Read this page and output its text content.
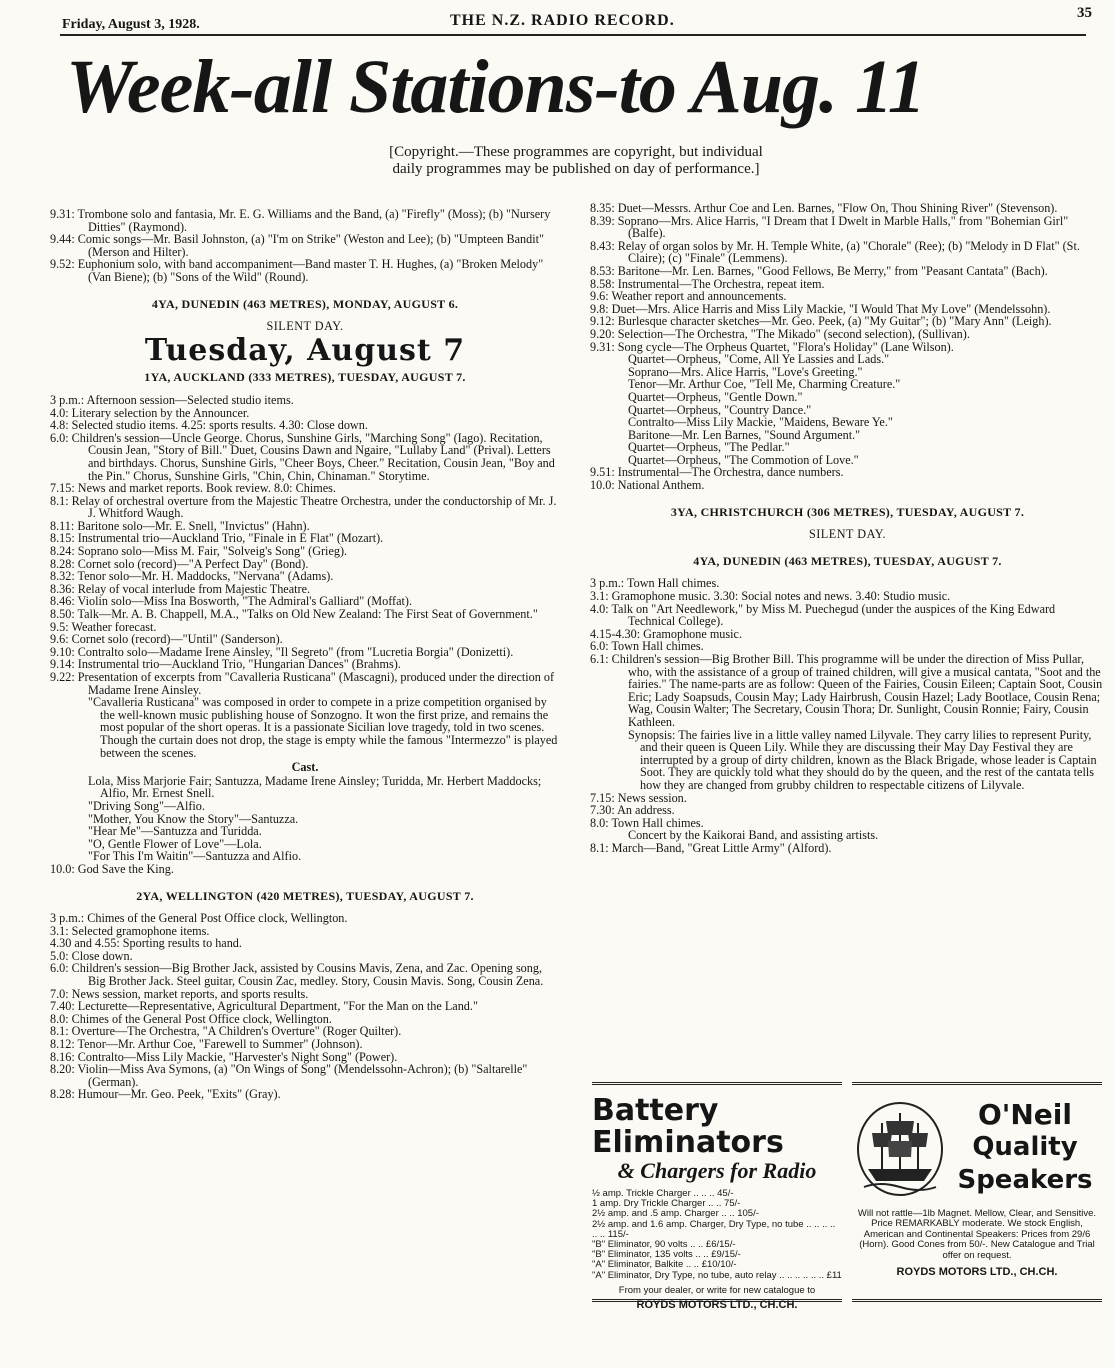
Friday, August 3, 1928.	THE N.Z. RADIO RECORD.	35
Week-all Stations-to Aug. 11
[Copyright.—These programmes are copyright, but individual
daily programmes may be published on day of performance.]

9.31: Trombone solo and fantasia, Mr. E. G. Williams and the Band, (a) "Firefly" (Moss); (b) "Nursery Ditties" (Raymond).

9.44: Comic songs—Mr. Basil Johnston, (a) "I'm on Strike" (Weston and Lee); (b) "Umpteen Bandit" (Merson and Hilter).

9.52: Euphonium solo, with band accompaniment—Band master T. H. Hughes, (a) "Broken Melody" (Van Biene); (b) "Sons of the Wild" (Round).

4YA, DUNEDIN (463 METRES), MONDAY, AUGUST 6.
SILENT DAY.
Tuesday, August 7
1YA, AUCKLAND (333 METRES), TUESDAY, AUGUST 7.

3 p.m.: Afternoon session—Selected studio items.

4.0: Literary selection by the Announcer.

4.8: Selected studio items. 4.25: sports results. 4.30: Close down.

6.0: Children's session—Uncle George. Chorus, Sunshine Girls, "Marching Song" (Iago). Recitation, Cousin Jean, "Story of Bill." Duet, Cousins Dawn and Ngaire, "Lullaby Land" (Prival). Letters and birthdays. Chorus, Sunshine Girls, "Cheer Boys, Cheer." Recitation, Cousin Jean, "Boy and the Pin." Chorus, Sunshine Girls, "Chin, Chin, Chinaman." Storytime.

7.15: News and market reports. Book review. 8.0: Chimes.

8.1: Relay of orchestral overture from the Majestic Theatre Orchestra, under the conductorship of Mr. J. J. Whitford Waugh.

8.11: Baritone solo—Mr. E. Snell, "Invictus" (Hahn).

8.15: Instrumental trio—Auckland Trio, "Finale in E Flat" (Mozart).

8.24: Soprano solo—Miss M. Fair, "Solveig's Song" (Grieg).

8.28: Cornet solo (record)—"A Perfect Day" (Bond).

8.32: Tenor solo—Mr. H. Maddocks, "Nervana" (Adams).

8.36: Relay of vocal interlude from Majestic Theatre.

8.46: Violin solo—Miss Ina Bosworth, "The Admiral's Galliard" (Moffat).

8.50: Talk—Mr. A. B. Chappell, M.A., "Talks on Old New Zealand: The First Seat of Government."

9.5: Weather forecast.

9.6: Cornet solo (record)—"Until" (Sanderson).

9.10: Contralto solo—Madame Irene Ainsley, "Il Segreto" (from "Lucretia Borgia" (Donizetti).

9.14: Instrumental trio—Auckland Trio, "Hungarian Dances" (Brahms).

9.22: Presentation of excerpts from "Cavalleria Rusticana" (Mascagni), produced under the direction of Madame Irene Ainsley.

"Cavalleria Rusticana" was composed in order to compete in a prize competition organised by the well-known music publishing house of Sonzogno. It won the first prize, and remains the most popular of the short operas. It is a passionate Sicilian love tragedy, told in two scenes. Though the curtain does not drop, the stage is empty while the famous "Intermezzo" is played between the scenes.

Cast.

Lola, Miss Marjorie Fair; Santuzza, Madame Irene Ainsley; Turidda, Mr. Herbert Maddocks; Alfio, Mr. Ernest Snell.

"Driving Song"—Alfio.

"Mother, You Know the Story"—Santuzza.

"Hear Me"—Santuzza and Turidda.

"O, Gentle Flower of Love"—Lola.

"For This I'm Waitin"—Santuzza and Alfio.

10.0: God Save the King.

2YA, WELLINGTON (420 METRES), TUESDAY, AUGUST 7.

3 p.m.: Chimes of the General Post Office clock, Wellington.

3.1: Selected gramophone items.

4.30 and 4.55: Sporting results to hand.

5.0: Close down.

6.0: Children's session—Big Brother Jack, assisted by Cousins Mavis, Zena, and Zac. Opening song, Big Brother Jack. Steel guitar, Cousin Zac, medley. Story, Cousin Mavis. Song, Cousin Zena.

7.0: News session, market reports, and sports results.

7.40: Lecturette—Representative, Agricultural Department, "For the Man on the Land."

8.0: Chimes of the General Post Office clock, Wellington.

8.1: Overture—The Orchestra, "A Children's Overture" (Roger Quilter).

8.12: Tenor—Mr. Arthur Coe, "Farewell to Summer" (Johnson).

8.16: Contralto—Miss Lily Mackie, "Harvester's Night Song" (Power).

8.20: Violin—Miss Ava Symons, (a) "On Wings of Song" (Mendelssohn-Achron); (b) "Saltarelle" (German).

8.28: Humour—Mr. Geo. Peek, "Exits" (Gray).

8.35: Duet—Messrs. Arthur Coe and Len. Barnes, "Flow On, Thou Shining River" (Stevenson).

8.39: Soprano—Mrs. Alice Harris, "I Dream that I Dwelt in Marble Halls," from "Bohemian Girl" (Balfe).

8.43: Relay of organ solos by Mr. H. Temple White, (a) "Chorale" (Ree); (b) "Melody in D Flat" (St. Claire); (c) "Finale" (Lemmens).

8.53: Baritone—Mr. Len. Barnes, "Good Fellows, Be Merry," from "Peasant Cantata" (Bach).

8.58: Instrumental—The Orchestra, repeat item.

9.6: Weather report and announcements.

9.8: Duet—Mrs. Alice Harris and Miss Lily Mackie, "I Would That My Love" (Mendelssohn).

9.12: Burlesque character sketches—Mr. Geo. Peek, (a) "My Guitar"; (b) "Mary Ann" (Leigh).

9.20: Selection—The Orchestra, "The Mikado" (second selection), (Sullivan).

9.31: Song cycle—The Orpheus Quartet, "Flora's Holiday" (Lane Wilson).

Quartet—Orpheus, "Come, All Ye Lassies and Lads."

Soprano—Mrs. Alice Harris, "Love's Greeting."

Tenor—Mr. Arthur Coe, "Tell Me, Charming Creature."

Quartet—Orpheus, "Gentle Down."

Quartet—Orpheus, "Country Dance."

Contralto—Miss Lily Mackie, "Maidens, Beware Ye."

Baritone—Mr. Len Barnes, "Sound Argument."

Quartet—Orpheus, "The Pedlar."

Quartet—Orpheus, "The Commotion of Love."

9.51: Instrumental—The Orchestra, dance numbers.

10.0: National Anthem.

3YA, CHRISTCHURCH (306 METRES), TUESDAY, AUGUST 7.
SILENT DAY.
4YA, DUNEDIN (463 METRES), TUESDAY, AUGUST 7.

3 p.m.: Town Hall chimes.

3.1: Gramophone music. 3.30: Social notes and news. 3.40: Studio music.

4.0: Talk on "Art Needlework," by Miss M. Puechegud (under the auspices of the King Edward Technical College).

4.15-4.30: Gramophone music.

6.0: Town Hall chimes.

6.1: Children's session—Big Brother Bill. This programme will be under the direction of Miss Pullar, who, with the assistance of a group of trained children, will give a musical cantata, "Soot and the fairies." The name-parts are as follow: Queen of the Fairies, Cousin Eileen; Captain Soot, Cousin Eric; Lady Soapsuds, Cousin May; Lady Hairbrush, Cousin Hazel; Lady Bootlace, Cousin Rena; Wag, Cousin Walter; The Secretary, Cousin Thora; Dr. Sunlight, Cousin Ronnie; Fairy, Cousin Kathleen.

Synopsis: The fairies live in a little valley named Lilyvale. They carry lilies to represent Purity, and their queen is Queen Lily. While they are discussing their May Day Festival they are interrupted by a group of dirty children, known as the Black Brigade, whose leader is Captain Soot. They are quickly told what they should do by the queen, and the rest of the cantata tells how they are changed from grubby children to respectable citizens of Lilyvale.

7.15: News session.

7.30: An address.

8.0: Town Hall chimes.

Concert by the Kaikorai Band, and assisting artists.

8.1: March—Band, "Great Little Army" (Alford).

Battery Eliminators
& Chargers for Radio
½ amp. Trickle Charger .. .. .. 45/-
1 amp. Dry Trickle Charger .. .. 75/-
2½ amp. and .5 amp. Charger .. .. 105/-
2½ amp. and 1.6 amp. Charger, Dry Type, no tube .. .. .. .. .. .. 115/-
"B" Eliminator, 90 volts .. .. £6/15/-
"B" Eliminator, 135 volts .. .. £9/15/-
"A" Eliminator, Balkite .. .. £10/10/-
"A" Eliminator, Dry Type, no tube, auto relay .. .. .. .. .. .. £11
From your dealer, or write for new catalogue to
ROYDS MOTORS LTD., CH.CH.
O'Neil
Quality
Speakers
Will not rattle—1lb Magnet. Mellow, Clear, and Sensitive. Price REMARKABLY moderate. We stock English, American and Continental Speakers: Prices from 29/6 (Horn). Good Cones from 50/-. New Catalogue and Trial offer on request.
ROYDS MOTORS LTD., CH.CH.
